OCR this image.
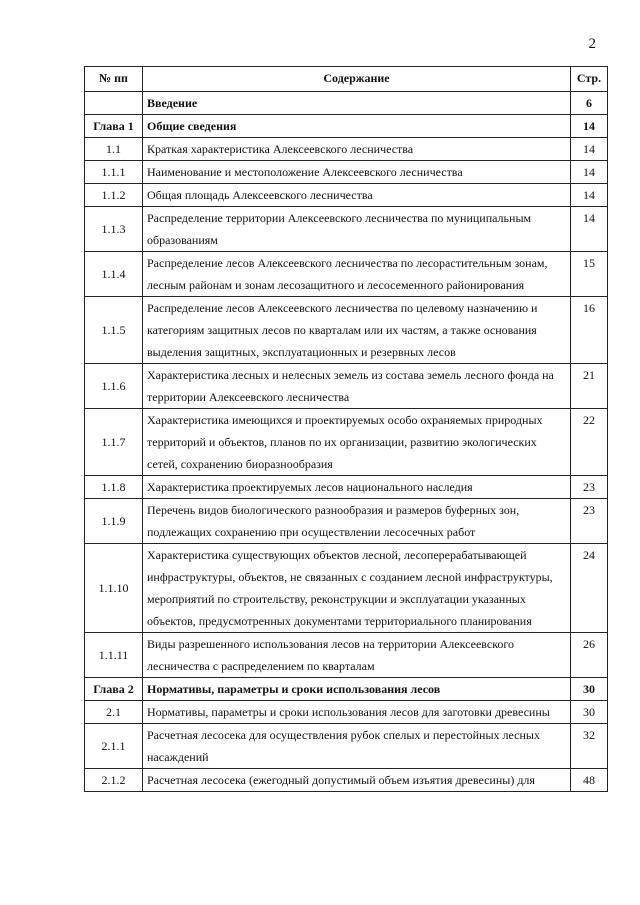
2
№ пп	Содержание	Стр.
	Введение	6
Глава 1	Общие сведения	14
1.1	Краткая характеристика Алексеевского лесничества	14
1.1.1	Наименование и местоположение Алексеевского лесничества	14
1.1.2	Общая площадь Алексеевского лесничества	14
1.1.3	Распределение территории Алексеевского лесничества по муниципальным образованиям	14
1.1.4	Распределение лесов Алексеевского лесничества по лесорастительным зонам, лесным районам и зонам лесозащитного и лесосеменного районирования	15
1.1.5	Распределение лесов Алексеевского лесничества по целевому назначению и категориям защитных лесов по кварталам или их частям, а также основания выделения защитных, эксплуатационных и резервных лесов	16
1.1.6	Характеристика лесных и нелесных земель из состава земель лесного фонда на территории Алексеевского лесничества	21
1.1.7	Характеристика имеющихся и проектируемых особо охраняемых природных территорий и объектов, планов по их организации, развитию экологических сетей, сохранению биоразнообразия	22
1.1.8	Характеристика проектируемых лесов национального наследия	23
1.1.9	Перечень видов биологического разнообразия и размеров буферных зон, подлежащих сохранению при осуществлении лесосечных работ	23
1.1.10	Характеристика существующих объектов лесной, лесоперерабатывающей инфраструктуры, объектов, не связанных с созданием лесной инфраструктуры, мероприятий по строительству, реконструкции и эксплуатации указанных объектов, предусмотренных документами территориального планирования	24
1.1.11	Виды разрешенного использования лесов на территории Алексеевского лесничества с распределением по кварталам	26
Глава 2	Нормативы, параметры и сроки использования лесов	30
2.1	Нормативы, параметры и сроки использования лесов для заготовки древесины	30
2.1.1	Расчетная лесосека для осуществления рубок спелых и перестойных лесных насаждений	32
2.1.2	Расчетная лесосека (ежегодный допустимый объем изъятия древесины) для	48
